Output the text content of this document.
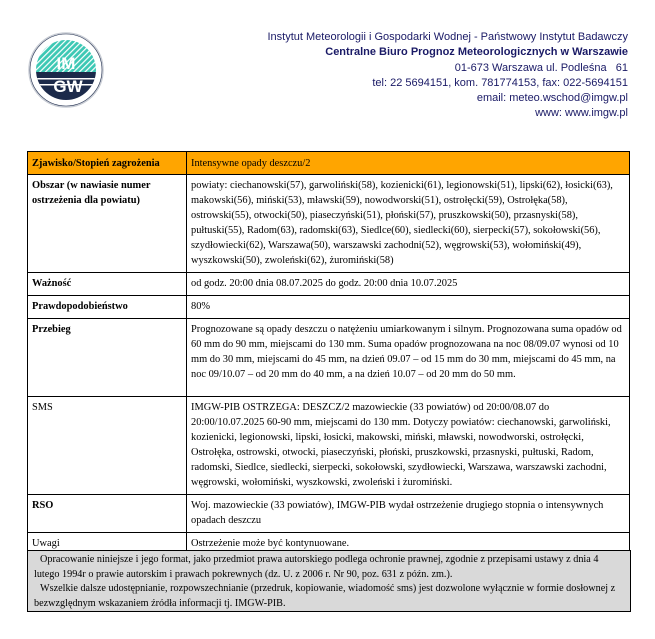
IM
GW
Instytut Meteorologii i Gospodarki Wodnej - Państwowy Instytut Badawczy
Centralne Biuro Prognoz Meteorologicznych w Warszawie
01-673 Warszawa ul. Podleśna   61
tel: 22 5694151, kom. 781774153, fax: 022-5694151
email: meteo.wschod@imgw.pl
www: www.imgw.pl
Zjawisko/Stopień zagrożenia	Intensywne opady deszczu/2
Obszar (w nawiasie numer ostrzeżenia dla powiatu)	powiaty: ciechanowski(57), garwoliński(58), kozienicki(61), legionowski(51), lipski(62), łosicki(63), makowski(56), miński(53), mławski(59), nowodworski(51), ostrołęcki(59), Ostrołęka(58), ostrowski(55), otwocki(50), piaseczyński(51), płoński(57), pruszkowski(50), przasnyski(58), pułtuski(55), Radom(63), radomski(63), Siedlce(60), siedlecki(60), sierpecki(57), sokołowski(56), szydłowiecki(62), Warszawa(50), warszawski zachodni(52), węgrowski(53), wołomiński(49), wyszkowski(50), zwoleński(62), żuromiński(58)
Ważność	od godz. 20:00 dnia 08.07.2025 do godz. 20:00 dnia 10.07.2025
Prawdopodobieństwo	80%
Przebieg	Prognozowane są opady deszczu o natężeniu umiarkowanym i silnym. Prognozowana suma opadów od 60 mm do 90 mm, miejscami do 130 mm. Suma opadów prognozowana na noc 08/09.07 wynosi od 10 mm do 30 mm, miejscami do 45 mm, na dzień 09.07 – od 15 mm do 30 mm, miejscami do 45 mm, na noc 09/10.07 – od 20 mm do 40 mm, a na dzień 10.07 – od 20 mm do 50 mm.
SMS	IMGW-PIB OSTRZEGA: DESZCZ/2 mazowieckie (33 powiatów) od 20:00/08.07 do 20:00/10.07.2025 60-90 mm, miejscami do 130 mm. Dotyczy powiatów: ciechanowski, garwoliński, kozienicki, legionowski, lipski, łosicki, makowski, miński, mławski, nowodworski, ostrołęcki, Ostrołęka, ostrowski, otwocki, piaseczyński, płoński, pruszkowski, przasnyski, pułtuski, Radom, radomski, Siedlce, siedlecki, sierpecki, sokołowski, szydłowiecki, Warszawa, warszawski zachodni, węgrowski, wołomiński, wyszkowski, zwoleński i żuromiński.
RSO	Woj. mazowieckie (33 powiatów), IMGW-PIB wydał ostrzeżenie drugiego stopnia o intensywnych opadach deszczu
Uwagi	Ostrzeżenie może być kontynuowane.
Opracowanie niniejsze i jego format, jako przedmiot prawa autorskiego podlega ochronie prawnej, zgodnie z przepisami ustawy z dnia 4 lutego 1994r o prawie autorskim i prawach pokrewnych (dz. U. z 2006 r. Nr 90, poz. 631 z późn. zm.).
Wszelkie dalsze udostępnianie, rozpowszechnianie (przedruk, kopiowanie, wiadomość sms) jest dozwolone wyłącznie w formie dosłownej z bezwzględnym wskazaniem źródła informacji tj. IMGW-PIB.
